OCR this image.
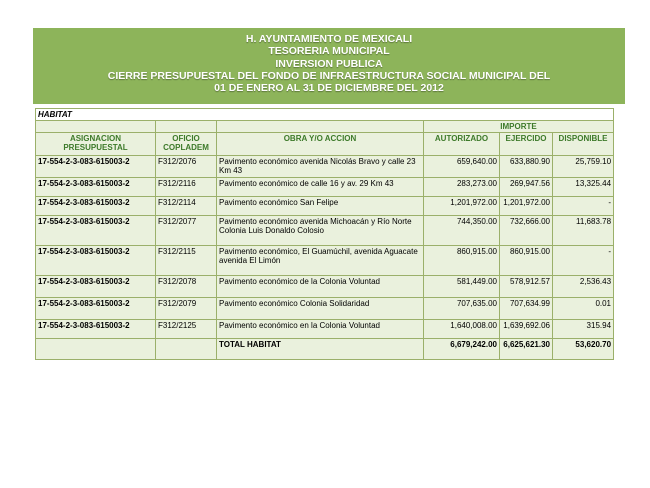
H. AYUNTAMIENTO DE MEXICALI
TESORERIA MUNICIPAL
INVERSION PUBLICA
CIERRE PRESUPUESTAL DEL FONDO DE INFRAESTRUCTURA SOCIAL MUNICIPAL DEL
01 DE ENERO AL 31 DE DICIEMBRE DEL 2012
HABITAT					
			IMPORTE		
ASIGNACION PRESUPUESTAL	OFICIO COPLADEM	OBRA Y/O ACCION	AUTORIZADO	EJERCIDO	DISPONIBLE
17-554-2-3-083-615003-2	F312/2076	Pavimento económico avenida Nicolás Bravo y calle 23 Km 43	659,640.00	633,880.90	25,759.10
17-554-2-3-083-615003-2	F312/2116	Pavimento económico de calle 16 y av. 29 Km 43	283,273.00	269,947.56	13,325.44
17-554-2-3-083-615003-2	F312/2114	Pavimento económico San Felipe	1,201,972.00	1,201,972.00	-
17-554-2-3-083-615003-2	F312/2077	Pavimento económico avenida Michoacán y Río Norte Colonia Luis Donaldo Colosio	744,350.00	732,666.00	11,683.78
17-554-2-3-083-615003-2	F312/2115	Pavimento económico, El Guamúchil, avenida Aguacate avenida El Limón	860,915.00	860,915.00	-
17-554-2-3-083-615003-2	F312/2078	Pavimento económico de la Colonia Voluntad	581,449.00	578,912.57	2,536.43
17-554-2-3-083-615003-2	F312/2079	Pavimento económico Colonia Solidaridad	707,635.00	707,634.99	0.01
17-554-2-3-083-615003-2	F312/2125	Pavimento económico en la Colonia Voluntad	1,640,008.00	1,639,692.06	315.94
		TOTAL HABITAT	6,679,242.00	6,625,621.30	53,620.70
